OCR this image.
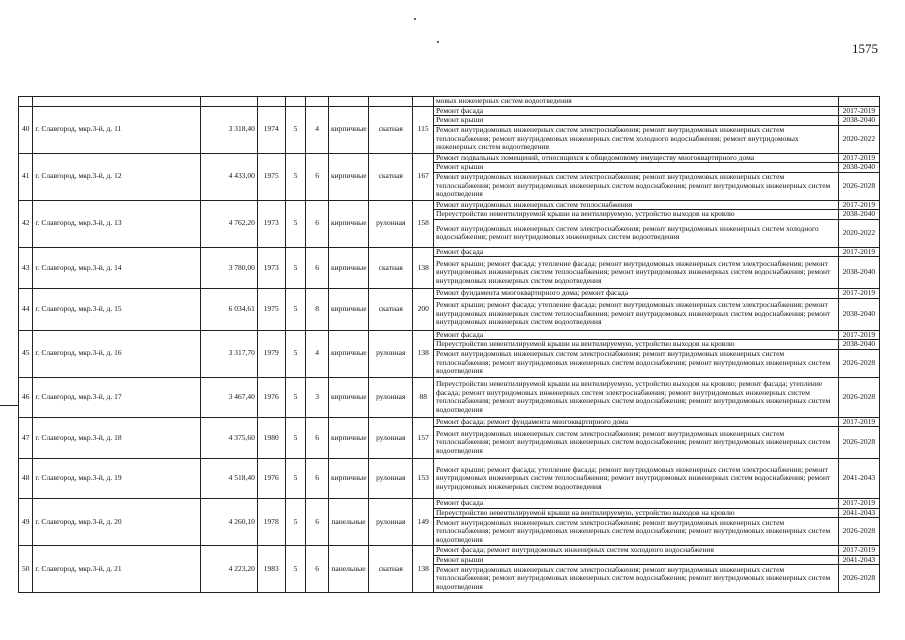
1575
									мовых инженерных систем водоотведения	
40	г. Славгород, мкр.3-й, д. 11	3 318,40	1974	5	4	кирпичные	скатная	115	Ремонт фасада	2017-2019
									Ремонт крыши	2038-2040
									Ремонт внутридомовых инженерных систем электроснабжения; ремонт внутридомовых инженерных систем теплоснабжения; ремонт внутридомовых инженерных систем холодного водоснабжения; ремонт внутридомовых инженерных систем водоотведения	2020-2022
41	г. Славгород, мкр.3-й, д. 12	4 433,00	1975	5	6	кирпичные	скатная	167	Ремонт подвальных помещений, относящихся к общедомовому имуществу многоквартирного дома	2017-2019
									Ремонт крыши	2038-2040
									Ремонт внутридомовых инженерных систем электроснабжения; ремонт внутридомовых инженерных систем теплоснабжения; ремонт внутридомовых инженерных систем водоснабжения; ремонт внутридомовых инженерных систем водоотведения	2026-2028
42	г. Славгород, мкр.3-й, д. 13	4 762,20	1973	5	6	кирпичные	рулонная	158	Ремонт внутридомовых инженерных систем теплоснабжения	2017-2019
									Переустройство невентилируемой крыши на вентилируемую, устройство выходов на кровлю	2038-2040
									Ремонт внутридомовых инженерных систем электроснабжения; ремонт внутридомовых инженерных систем холодного водоснабжения; ремонт внутридомовых инженерных систем водоотведения	2020-2022
43	г. Славгород, мкр.3-й, д. 14	3 780,00	1973	5	6	кирпичные	скатная	138	Ремонт фасада	2017-2019
									Ремонт крыши; ремонт фасада; утепление фасада; ремонт внутридомовых инженерных систем электроснабжения; ремонт внутридомовых инженерных систем теплоснабжения; ремонт внутридомовых инженерных систем водоснабжения; ремонт внутридомовых инженерных систем водоотведения	2038-2040
44	г. Славгород, мкр.3-й, д. 15	6 034,61	1975	5	8	кирпичные	скатная	200	Ремонт фундамента многоквартирного дома; ремонт фасада	2017-2019
									Ремонт крыши; ремонт фасада; утепление фасада; ремонт внутридомовых инженерных систем электроснабжения; ремонт внутридомовых инженерных систем теплоснабжения; ремонт внутридомовых инженерных систем водоснабжения; ремонт внутридомовых инженерных систем водоотведения	2038-2040
45	г. Славгород, мкр.3-й, д. 16	3 317,70	1979	5	4	кирпичные	рулонная	138	Ремонт фасада	2017-2019
									Переустройство невентилируемой крыши на вентилируемую, устройство выходов на кровлю	2038-2040
									Ремонт внутридомовых инженерных систем электроснабжения; ремонт внутридомовых инженерных систем теплоснабжения; ремонт внутридомовых инженерных систем водоснабжения; ремонт внутридомовых инженерных систем водоотведения	2026-2028
46	г. Славгород, мкр.3-й, д. 17	3 467,40	1976	5	3	кирпичные	рулонная	88	Переустройство невентилируемой крыши на вентилируемую, устройство выходов на кровлю; ремонт фасада; утепление фасада; ремонт внутридомовых инженерных систем электроснабжения; ремонт внутридомовых инженерных систем теплоснабжения; ремонт внутридомовых инженерных систем водоснабжения; ремонт внутридомовых инженерных систем водоотведения	2026-2028
47	г. Славгород, мкр.3-й, д. 18	4 375,60	1980	5	6	кирпичные	рулонная	157	Ремонт фасада; ремонт фундамента многоквартирного дома	2017-2019
									Ремонт внутридомовых инженерных систем электроснабжения; ремонт внутридомовых инженерных систем теплоснабжения; ремонт внутридомовых инженерных систем водоснабжения; ремонт внутридомовых инженерных систем водоотведения	2026-2028
48	г. Славгород, мкр.3-й, д. 19	4 518,40	1976	5	6	кирпичные	рулонная	153	Ремонт крыши; ремонт фасада; утепление фасада; ремонт внутридомовых инженерных систем электроснабжения; ремонт внутридомовых инженерных систем теплоснабжения; ремонт внутридомовых инженерных систем водоснабжения; ремонт внутридомовых инженерных систем водоотведения	2041-2043
49	г. Славгород, мкр.3-й, д. 20	4 260,10	1978	5	6	панельные	рулонная	149	Ремонт фасада	2017-2019
									Переустройство невентилируемой крыши на вентилируемую, устройство выходов на кровлю	2041-2043
									Ремонт внутридомовых инженерных систем электроснабжения; ремонт внутридомовых инженерных систем теплоснабжения; ремонт внутридомовых инженерных систем водоснабжения; ремонт внутридомовых инженерных систем водоотведения	2026-2028
50	г. Славгород, мкр.3-й, д. 21	4 223,20	1983	5	6	панельные	скатная	138	Ремонт фасада; ремонт внутридомовых инженерных систем холодного водоснабжения	2017-2019
									Ремонт крыши	2041-2043
									Ремонт внутридомовых инженерных систем электроснабжения; ремонт внутридомовых инженерных систем теплоснабжения; ремонт внутридомовых инженерных систем водоснабжения; ремонт внутридомовых инженерных систем водоотведения	2026-2028
